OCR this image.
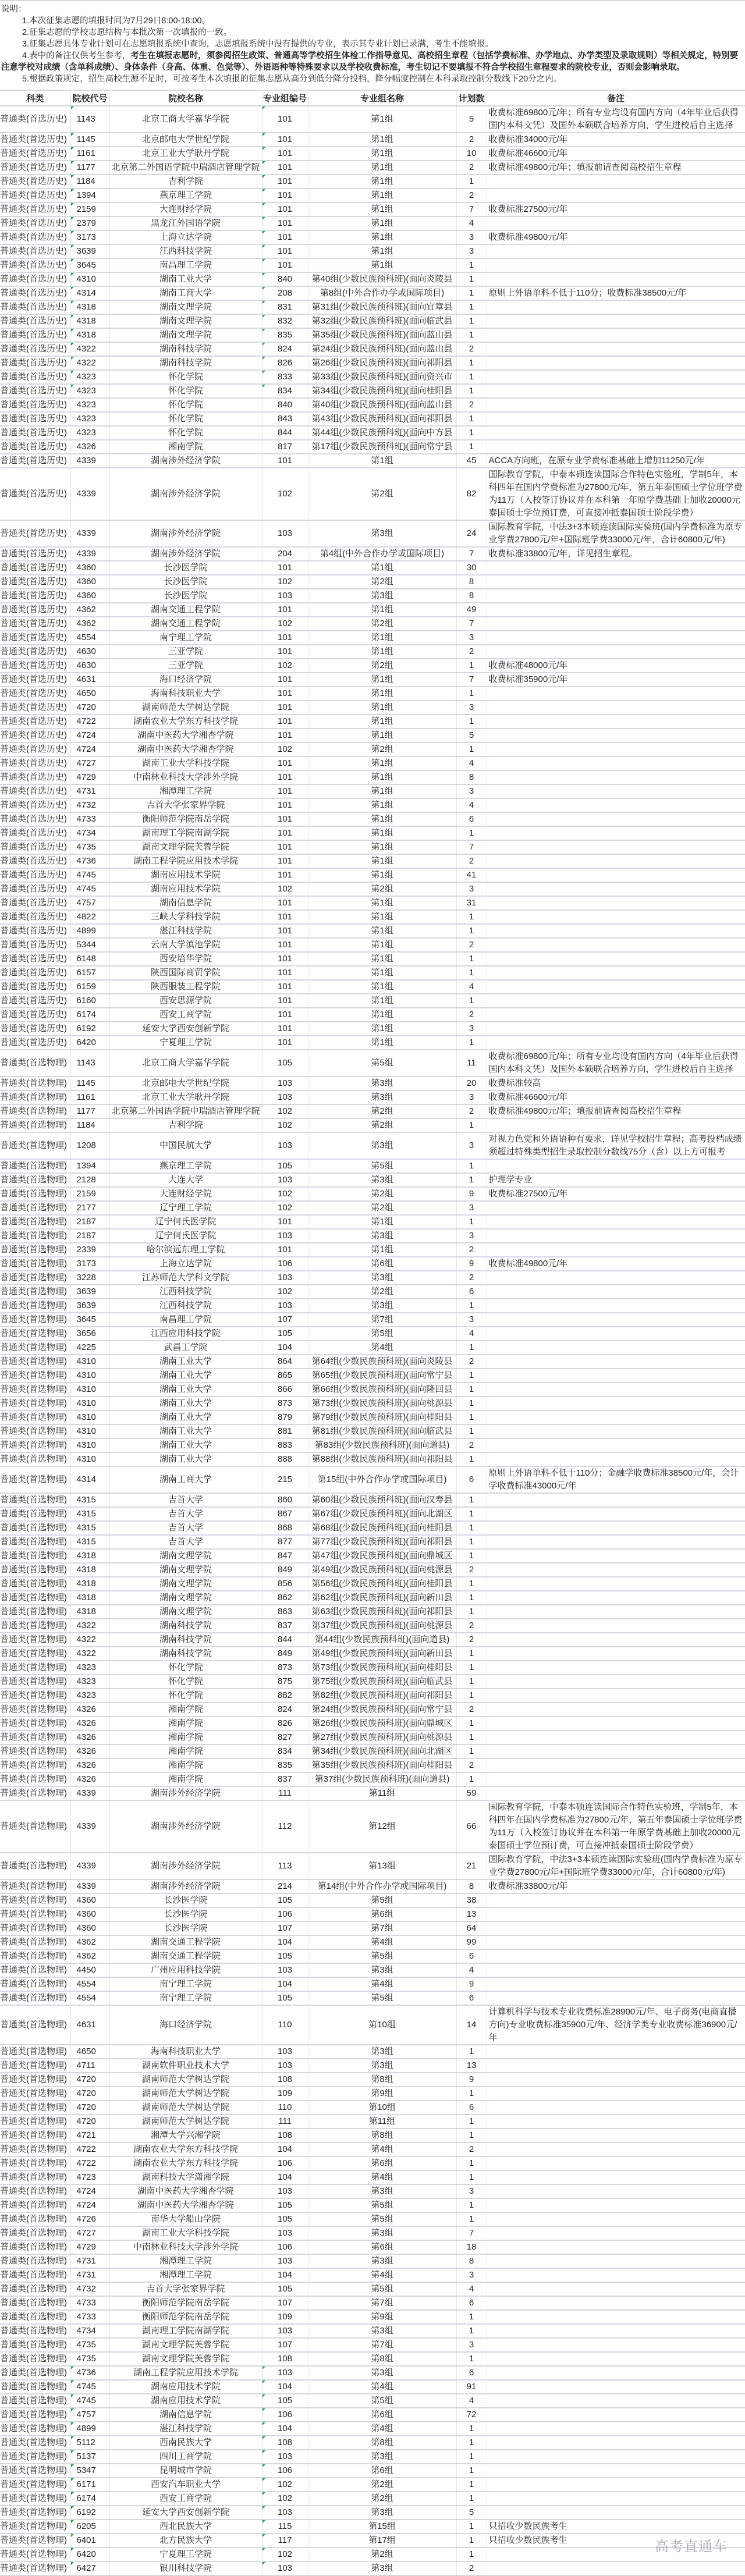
说明：

1.本次征集志愿的填报时间为7月29日8:00-18:00。

2.征集志愿的学校志愿结构与本批次第一次填报的一致。

3.征集志愿具体专业计划可在志愿填报系统中查询，志愿填报系统中没有提供的专业，表示其专业计划已录满，考生不能填报。

4.表中的备注仅供考生参考，考生在填报志愿时，须参阅招生政策、普通高等学校招生体检工作指导意见、高校招生章程（包括学费标准、办学地点、办学类型及录取规则）等相关规定，特别要注意学校对成绩（含单科成绩）、身体条件（身高、体重、色觉等）、外语语种等特殊要求以及学校收费标准，考生切记不要填报不符合学校招生章程要求的院校专业，否则会影响录取。

5.根据政策规定，招生高校生源不足时，可按考生本次填报的征集志愿从高分到低分降分投档，降分幅度控制在本科录取控制分数线下20分之内。

科类	院校代号	院校名称	专业组编号	专业组名称	计划数	备注
普通类(首选历史)	1143	北京工商大学嘉华学院	101	第1组	5	收费标准69800元/年；所有专业均设有国内方向（4年毕业后获得国内本科文凭）及国外本硕联合培养方向，学生进校后自主选择
普通类(首选历史)	1145	北京邮电大学世纪学院	101	第1组	2	收费标准34000元/年
普通类(首选历史)	1161	北京工业大学耿丹学院	101	第1组	10	收费标准46600元/年
普通类(首选历史)	1177	北京第二外国语学院中瑞酒店管理学院	101	第1组	2	收费标准49800元/年；填报前请查阅高校招生章程
普通类(首选历史)	1184	吉利学院	101	第1组	1	
普通类(首选历史)	1394	燕京理工学院	101	第1组	2	
普通类(首选历史)	2159	大连财经学院	101	第1组	7	收费标准27500元/年
普通类(首选历史)	2379	黑龙江外国语学院	101	第1组	4	
普通类(首选历史)	3173	上海立达学院	101	第1组	3	收费标准49800元/年
普通类(首选历史)	3639	江西科技学院	101	第1组	3	
普通类(首选历史)	3645	南昌理工学院	101	第1组	1	
普通类(首选历史)	4310	湖南工业大学	840	第40组(少数民族预科班)(面向炎陵县	1	
普通类(首选历史)	4314	湖南工商大学	208	第8组(中外合作办学或国际项目)	1	原则上外语单科不低于110分；收费标准38500元/年
普通类(首选历史)	4318	湖南文理学院	831	第31组(少数民族预科班)(面向宜章县	1	
普通类(首选历史)	4318	湖南文理学院	832	第32组(少数民族预科班)(面向临武县	1	
普通类(首选历史)	4318	湖南文理学院	835	第35组(少数民族预科班)(面向蓝山县	1	
普通类(首选历史)	4322	湖南科技学院	824	第24组(少数民族预科班)(面向蓝山县	2	
普通类(首选历史)	4322	湖南科技学院	826	第26组(少数民族预科班)(面向祁阳县	1	
普通类(首选历史)	4323	怀化学院	833	第33组(少数民族预科班)(面向资兴市	1	
普通类(首选历史)	4323	怀化学院	834	第34组(少数民族预科班)(面向桂阳县	1	
普通类(首选历史)	4323	怀化学院	840	第40组(少数民族预科班)(面向蓝山县	2	
普通类(首选历史)	4323	怀化学院	843	第43组(少数民族预科班)(面向祁阳县	1	
普通类(首选历史)	4323	怀化学院	844	第44组(少数民族预科班)(面向中方县	1	
普通类(首选历史)	4326	湘南学院	817	第17组(少数民族预科班)(面向常宁县	1	
普通类(首选历史)	4339	湖南涉外经济学院	101	第1组	45	ACCA方向班，在原专业学费标准基础上增加11250元/年
普通类(首选历史)	4339	湖南涉外经济学院	102	第2组	82	国际教育学院，中泰本硕连读国际合作特色实验班，学制5年，本科四年在国内学费标准为27800元/年，第五年泰国硕士学位班学费为11万（入校签订协议并在本科第一年原学费基础上加收20000元泰国硕士学位预订费，可直接冲抵泰国硕士阶段学费）
普通类(首选历史)	4339	湖南涉外经济学院	103	第3组	24	国际教育学院，中法3+3本硕连读国际实验班(国内学费标准为原专业学费27800元/年+国际班学费33000元/年，合计60800元/年)
普通类(首选历史)	4339	湖南涉外经济学院	204	第4组(中外合作办学或国际项目)	7	收费标准33800元/年，详见招生章程。
普通类(首选历史)	4360	长沙医学院	101	第1组	30	
普通类(首选历史)	4360	长沙医学院	102	第2组	8	
普通类(首选历史)	4360	长沙医学院	103	第3组	8	
普通类(首选历史)	4362	湖南交通工程学院	101	第1组	49	
普通类(首选历史)	4362	湖南交通工程学院	102	第2组	7	
普通类(首选历史)	4554	南宁理工学院	101	第1组	3	
普通类(首选历史)	4630	三亚学院	101	第1组	2	
普通类(首选历史)	4630	三亚学院	102	第2组	1	收费标准48000元/年
普通类(首选历史)	4631	海口经济学院	101	第1组	7	收费标准35900元/年
普通类(首选历史)	4650	海南科技职业大学	101	第1组	1	
普通类(首选历史)	4720	湖南师范大学树达学院	101	第1组	3	
普通类(首选历史)	4722	湖南农业大学东方科技学院	101	第1组	1	
普通类(首选历史)	4724	湖南中医药大学湘杏学院	101	第1组	5	
普通类(首选历史)	4724	湖南中医药大学湘杏学院	102	第2组	1	
普通类(首选历史)	4727	湖南工业大学科技学院	101	第1组	4	
普通类(首选历史)	4729	中南林业科技大学涉外学院	101	第1组	8	
普通类(首选历史)	4731	湘潭理工学院	101	第1组	3	
普通类(首选历史)	4732	吉首大学张家界学院	101	第1组	4	
普通类(首选历史)	4733	衡阳师范学院南岳学院	101	第1组	6	
普通类(首选历史)	4734	湖南理工学院南湖学院	101	第1组	1	
普通类(首选历史)	4735	湖南文理学院芙蓉学院	101	第1组	7	
普通类(首选历史)	4736	湖南工程学院应用技术学院	101	第1组	2	
普通类(首选历史)	4745	湖南应用技术学院	101	第1组	41	
普通类(首选历史)	4745	湖南应用技术学院	102	第2组	3	
普通类(首选历史)	4757	湖南信息学院	101	第1组	31	
普通类(首选历史)	4822	三峡大学科技学院	101	第1组	1	
普通类(首选历史)	4899	湛江科技学院	101	第1组	1	
普通类(首选历史)	5344	云南大学滇池学院	101	第1组	2	
普通类(首选历史)	6148	西安培华学院	101	第1组	1	
普通类(首选历史)	6157	陕西国际商贸学院	101	第1组	1	
普通类(首选历史)	6159	陕西服装工程学院	101	第1组	4	
普通类(首选历史)	6160	西安思源学院	101	第1组	1	
普通类(首选历史)	6174	西安工商学院	101	第1组	2	
普通类(首选历史)	6192	延安大学西安创新学院	101	第1组	3	
普通类(首选历史)	6420	宁夏理工学院	101	第1组	1	
普通类(首选物理)	1143	北京工商大学嘉华学院	105	第5组	11	收费标准69800元/年；所有专业均设有国内方向（4年毕业后获得国内本科文凭）及国外本硕联合培养方向，学生进校后自主选择
普通类(首选物理)	1145	北京邮电大学世纪学院	103	第3组	20	收费标准较高
普通类(首选物理)	1161	北京工业大学耿丹学院	103	第3组	3	收费标准46600元/年
普通类(首选物理)	1177	北京第二外国语学院中瑞酒店管理学院	102	第2组	2	收费标准49800元/年；填报前请查阅高校招生章程
普通类(首选物理)	1184	吉利学院	102	第2组	1	
普通类(首选物理)	1208	中国民航大学	103	第3组	3	对视力色觉和外语语种有要求，详见学校招生章程；高考投档成绩须超过特殊类型招生录取控制分数线75分（含）以上方可报考
普通类(首选物理)	1394	燕京理工学院	105	第5组	1	
普通类(首选物理)	2128	大连大学	103	第3组	1	护理学专业
普通类(首选物理)	2159	大连财经学院	102	第2组	9	收费标准27500元/年
普通类(首选物理)	2177	辽宁理工学院	102	第2组	3	
普通类(首选物理)	2187	辽宁何氏医学院	101	第1组	1	
普通类(首选物理)	2187	辽宁何氏医学院	103	第3组	3	
普通类(首选物理)	2339	哈尔滨远东理工学院	101	第1组	2	
普通类(首选物理)	3173	上海立达学院	106	第6组	9	收费标准49800元/年
普通类(首选物理)	3228	江苏师范大学科文学院	103	第3组	2	
普通类(首选物理)	3639	江西科技学院	102	第2组	6	
普通类(首选物理)	3639	江西科技学院	103	第3组	1	
普通类(首选物理)	3645	南昌理工学院	107	第7组	3	
普通类(首选物理)	3656	江西应用科技学院	105	第5组	4	
普通类(首选物理)	4225	武昌工学院	104	第4组	1	
普通类(首选物理)	4310	湖南工业大学	864	第64组(少数民族预科班)(面向炎陵县	2	
普通类(首选物理)	4310	湖南工业大学	865	第65组(少数民族预科班)(面向常宁县	1	
普通类(首选物理)	4310	湖南工业大学	866	第66组(少数民族预科班)(面向隆回县	1	
普通类(首选物理)	4310	湖南工业大学	873	第73组(少数民族预科班)(面向桃源县	1	
普通类(首选物理)	4310	湖南工业大学	879	第79组(少数民族预科班)(面向桂阳县	1	
普通类(首选物理)	4310	湖南工业大学	881	第81组(少数民族预科班)(面向临武县	1	
普通类(首选物理)	4310	湖南工业大学	883	第83组(少数民族预科班)(面向道县)	2	
普通类(首选物理)	4310	湖南工业大学	888	第88组(少数民族预科班)(面向祁阳县	1	
普通类(首选物理)	4314	湖南工商大学	215	第15组(中外合作办学或国际项目)	6	原则上外语单科不低于110分；金融学收费标准38500元/年，会计学收费标准43000元/年
普通类(首选物理)	4315	吉首大学	860	第60组(少数民族预科班)(面向汉寿县	1	
普通类(首选物理)	4315	吉首大学	867	第67组(少数民族预科班)(面向北湖区	1	
普通类(首选物理)	4315	吉首大学	868	第68组(少数民族预科班)(面向桂阳县	1	
普通类(首选物理)	4315	吉首大学	877	第77组(少数民族预科班)(面向祁阳县	1	
普通类(首选物理)	4318	湖南文理学院	847	第47组(少数民族预科班)(面向鼎城区	1	
普通类(首选物理)	4318	湖南文理学院	849	第49组(少数民族预科班)(面向桃源县	2	
普通类(首选物理)	4318	湖南文理学院	856	第56组(少数民族预科班)(面向桂阳县	1	
普通类(首选物理)	4318	湖南文理学院	862	第62组(少数民族预科班)(面向新田县	1	
普通类(首选物理)	4318	湖南文理学院	863	第63组(少数民族预科班)(面向祁阳县	1	
普通类(首选物理)	4322	湖南科技学院	837	第37组(少数民族预科班)(面向桃源县	2	
普通类(首选物理)	4322	湖南科技学院	844	第44组(少数民族预科班)(面向道县)	2	
普通类(首选物理)	4322	湖南科技学院	849	第49组(少数民族预科班)(面向新田县	1	
普通类(首选物理)	4323	怀化学院	873	第73组(少数民族预科班)(面向桂阳县	1	
普通类(首选物理)	4323	怀化学院	875	第75组(少数民族预科班)(面向临武县	1	
普通类(首选物理)	4323	怀化学院	882	第82组(少数民族预科班)(面向祁阳县	1	
普通类(首选物理)	4326	湘南学院	824	第24组(少数民族预科班)(面向常宁县	2	
普通类(首选物理)	4326	湘南学院	826	第26组(少数民族预科班)(面向鼎城区	1	
普通类(首选物理)	4326	湘南学院	827	第27组(少数民族预科班)(面向桃源县	1	
普通类(首选物理)	4326	湘南学院	834	第34组(少数民族预科班)(面向北湖区	1	
普通类(首选物理)	4326	湘南学院	835	第35组(少数民族预科班)(面向桂阳县	2	
普通类(首选物理)	4326	湘南学院	837	第37组(少数民族预科班)(面向道县)	1	
普通类(首选物理)	4339	湖南涉外经济学院	111	第11组	59	
普通类(首选物理)	4339	湖南涉外经济学院	112	第12组	66	国际教育学院，中泰本硕连读国际合作特色实验班，学制5年，本科四年在国内学费标准为27800元/年，第五年泰国硕士学位班学费为11万（入校签订协议并在本科第一年原学费基础上加收20000元泰国硕士学位预订费，可直接冲抵泰国硕士阶段学费）
普通类(首选物理)	4339	湖南涉外经济学院	113	第13组	21	国际教育学院，中法3+3本硕连读国际实验班(国内学费标准为原专业学费27800元/年+国际班学费33000元/年，合计60800元/年)
普通类(首选物理)	4339	湖南涉外经济学院	214	第14组(中外合作办学或国际项目)	8	收费标准33800元/年
普通类(首选物理)	4360	长沙医学院	105	第5组	38	
普通类(首选物理)	4360	长沙医学院	106	第6组	13	
普通类(首选物理)	4360	长沙医学院	107	第7组	64	
普通类(首选物理)	4362	湖南交通工程学院	104	第4组	99	
普通类(首选物理)	4362	湖南交通工程学院	105	第5组	6	
普通类(首选物理)	4450	广州应用科技学院	103	第3组	4	
普通类(首选物理)	4554	南宁理工学院	104	第4组	9	
普通类(首选物理)	4554	南宁理工学院	105	第5组	6	
普通类(首选物理)	4631	海口经济学院	110	第10组	14	计算机科学与技术专业收费标准28900元/年、电子商务(电商直播方向)专业收费标准35900元/年、经济学类专业收费标准36900元/年
普通类(首选物理)	4650	海南科技职业大学	103	第3组	1	
普通类(首选物理)	4711	湖南软件职业技术大学	103	第3组	13	
普通类(首选物理)	4720	湖南师范大学树达学院	108	第8组	9	
普通类(首选物理)	4720	湖南师范大学树达学院	109	第9组	1	
普通类(首选物理)	4720	湖南师范大学树达学院	110	第10组	6	
普通类(首选物理)	4720	湖南师范大学树达学院	111	第11组	1	
普通类(首选物理)	4721	湘潭大学兴湘学院	108	第8组	1	
普通类(首选物理)	4722	湖南农业大学东方科技学院	104	第4组	2	
普通类(首选物理)	4722	湖南农业大学东方科技学院	106	第6组	1	
普通类(首选物理)	4723	湖南科技大学潇湘学院	104	第4组	1	
普通类(首选物理)	4724	湖南中医药大学湘杏学院	103	第3组	3	
普通类(首选物理)	4724	湖南中医药大学湘杏学院	105	第5组	1	
普通类(首选物理)	4726	南华大学船山学院	105	第5组	1	
普通类(首选物理)	4727	湖南工业大学科技学院	103	第3组	7	
普通类(首选物理)	4729	中南林业科技大学涉外学院	106	第6组	18	
普通类(首选物理)	4731	湘潭理工学院	103	第3组	8	
普通类(首选物理)	4731	湘潭理工学院	104	第4组	3	
普通类(首选物理)	4732	吉首大学张家界学院	105	第5组	4	
普通类(首选物理)	4733	衡阳师范学院南岳学院	107	第7组	6	
普通类(首选物理)	4733	衡阳师范学院南岳学院	109	第9组	1	
普通类(首选物理)	4734	湖南理工学院南湖学院	103	第3组	1	
普通类(首选物理)	4735	湖南文理学院芙蓉学院	107	第7组	3	
普通类(首选物理)	4735	湖南文理学院芙蓉学院	108	第8组	1	
普通类(首选物理)	4736	湖南工程学院应用技术学院	103	第3组	6	
普通类(首选物理)	4745	湖南应用技术学院	104	第4组	91	
普通类(首选物理)	4745	湖南应用技术学院	105	第5组	4	
普通类(首选物理)	4757	湖南信息学院	106	第6组	72	
普通类(首选物理)	4899	湛江科技学院	104	第4组	1	
普通类(首选物理)	5112	西南民族大学	108	第8组	1	
普通类(首选物理)	5137	四川工商学院	103	第3组	1	
普通类(首选物理)	5347	昆明城市学院	106	第6组	1	
普通类(首选物理)	6171	西安汽车职业大学	102	第2组	1	
普通类(首选物理)	6174	西安工商学院	102	第2组	1	
普通类(首选物理)	6192	延安大学西安创新学院	103	第3组	5	
普通类(首选物理)	6205	西北民族大学	115	第15组	1	只招收少数民族考生
普通类(首选物理)	6401	北方民族大学	117	第17组	1	只招收少数民族考生
普通类(首选物理)	6420	宁夏理工学院	102	第2组	1	
普通类(首选物理)	6427	银川科技学院	103	第3组	2	
高考直通车
